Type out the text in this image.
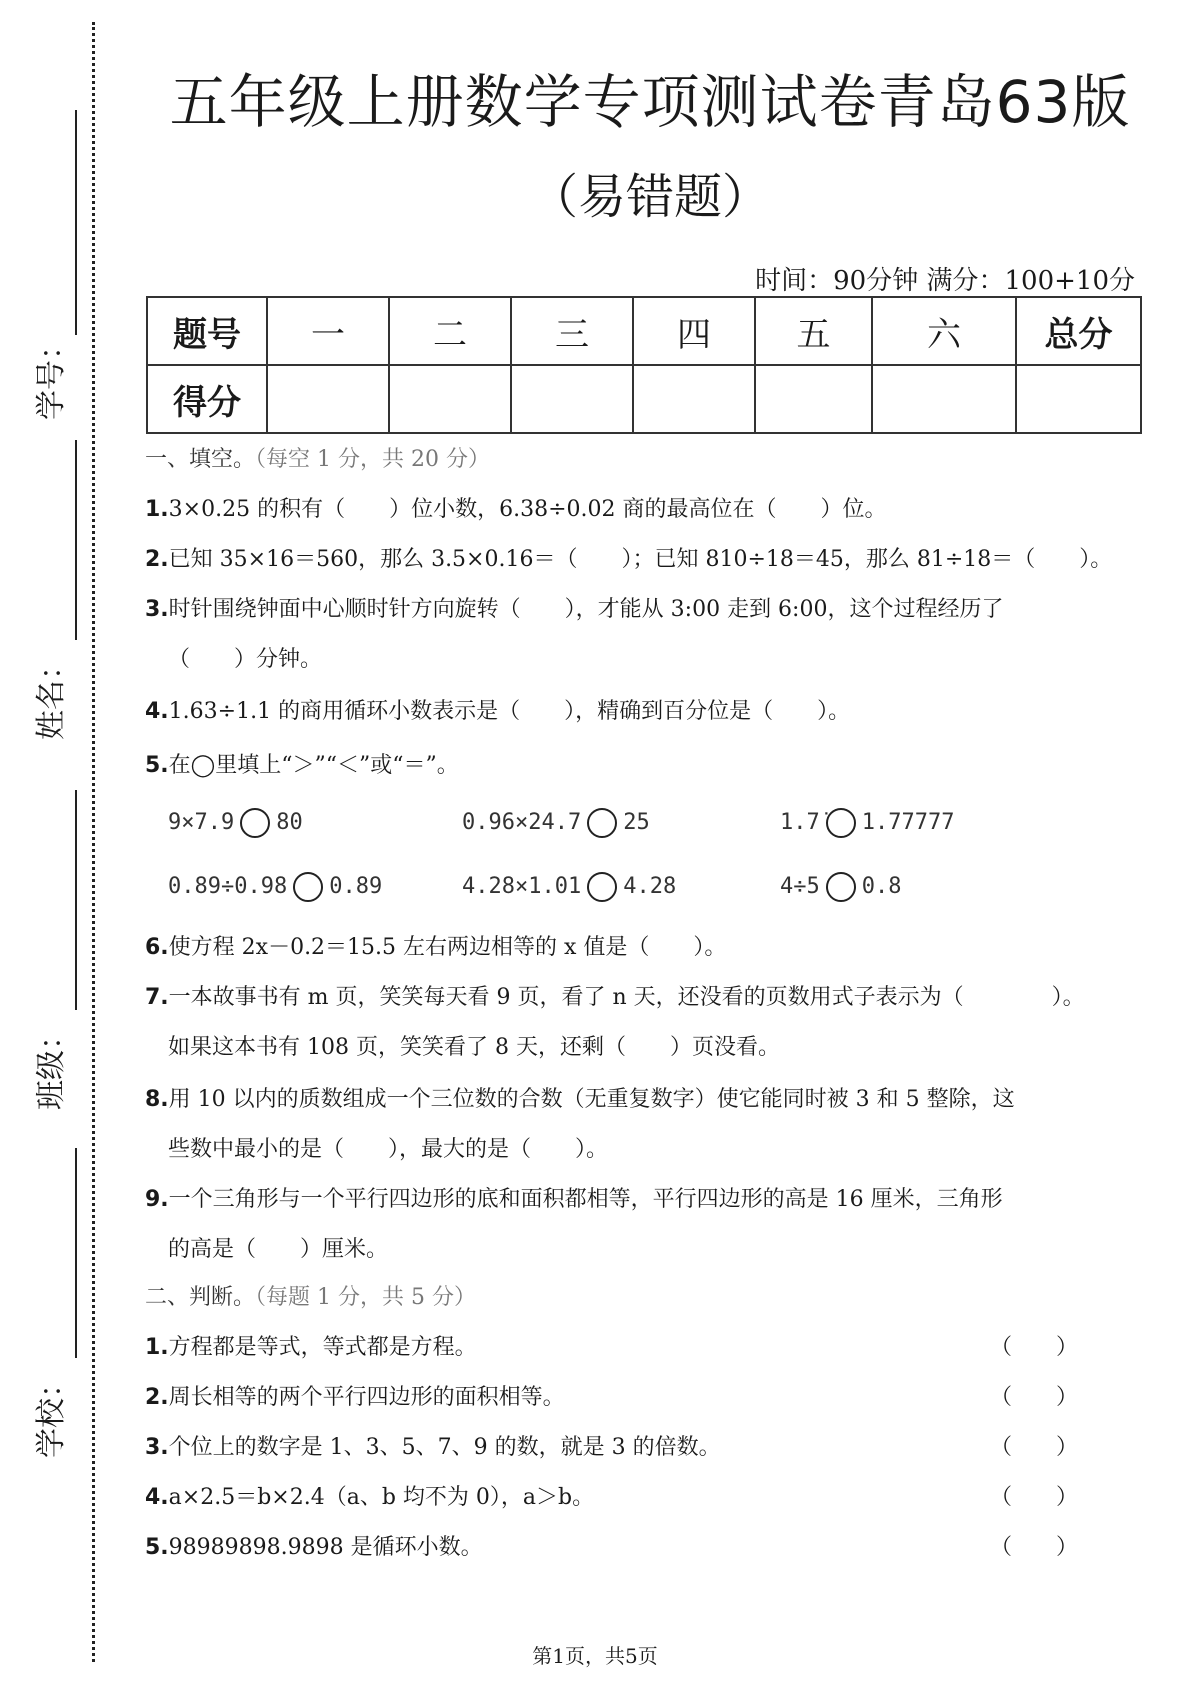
学号：
姓名：
班级：
学校：
五年级上册数学专项测试卷青岛63版
（易错题）
时间：90分钟 满分：100+10分
题号	一	二	三	四	五	六	总分
得分							
一、填空。（每空 1 分，共 20 分）
1.3×0.25 的积有（　　）位小数，6.38÷0.02 商的最高位在（　　）位。
2.已知 35×16＝560，那么 3.5×0.16＝（　　）；已知 810÷18＝45，那么 81÷18＝（　　）。
3.时针围绕钟面中心顺时针方向旋转（　　），才能从 3:00 走到 6:00，这个过程经历了
（　　）分钟。
4.1.63÷1.1 的商用循环小数表示是（　　），精确到百分位是（　　）。
5.在◯里填上“＞”“＜”或“＝”。
9×7.9 80	0.96×24.7 25	1.7̇ 1.77777
0.89÷0.98 0.89	4.28×1.01 4.28	4÷5 0.8
6.使方程 2x－0.2＝15.5 左右两边相等的 x 值是（　　）。
7.一本故事书有 m 页，笑笑每天看 9 页，看了 n 天，还没看的页数用式子表示为（　　　　）。
如果这本书有 108 页，笑笑看了 8 天，还剩（　　）页没看。
8.用 10 以内的质数组成一个三位数的合数（无重复数字）使它能同时被 3 和 5 整除，这
些数中最小的是（　　），最大的是（　　）。
9.一个三角形与一个平行四边形的底和面积都相等，平行四边形的高是 16 厘米，三角形
的高是（　　）厘米。
二、判断。（每题 1 分，共 5 分）
1.方程都是等式，等式都是方程。	（　　）
2.周长相等的两个平行四边形的面积相等。	（　　）
3.个位上的数字是 1、3、5、7、9 的数，就是 3 的倍数。	（　　）
4.a×2.5＝b×2.4（a、b 均不为 0），a＞b。	（　　）
5.98989898.9898 是循环小数。	（　　）
第1页，共5页
